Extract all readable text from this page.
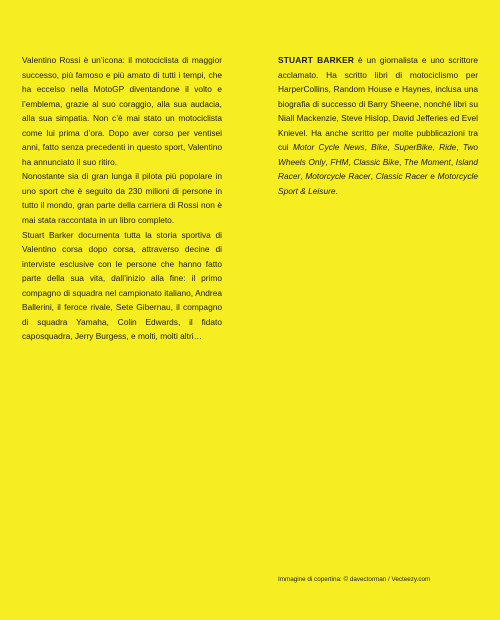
Valentino Rossi è un’icona: il motociclista di maggior successo, più famoso e più amato di tutti i tempi, che ha eccelso nella MotoGP diventandone il volto e l’emblema, grazie al suo coraggio, alla sua audacia, alla sua simpatia. Non c’è mai stato un motociclista come lui prima d’ora. Dopo aver corso per ventisei anni, fatto senza precedenti in questo sport, Valentino ha annunciato il suo ritiro.

Nonostante sia di gran lunga il pilota più popolare in uno sport che è seguito da 230 milioni di persone in tutto il mondo, gran parte della carriera di Rossi non è mai stata raccontata in un libro completo.

Stuart Barker documenta tutta la storia sportiva di Valentino corsa dopo corsa, attraverso decine di interviste esclusive con le persone che hanno fatto parte della sua vita, dall’inizio alla fine: il primo compagno di squadra nel campionato italiano, Andrea Ballerini, il feroce rivale, Sete Gibernau, il compagno di squadra Yamaha, Colin Edwards, il fidato caposquadra, Jerry Burgess, e molti, molti altri…

STUART BARKER è un giornalista e uno scrittore acclamato. Ha scritto libri di motociclismo per HarperCollins, Random House e Haynes, inclusa una biografia di successo di Barry Sheene, nonché libri su Niall Mackenzie, Steve Hislop, David Jefferies ed Evel Knievel. Ha anche scritto per molte pubblicazioni tra cui Motor Cycle News, Bike, SuperBike, Ride, Two Wheels Only, FHM, Classic Bike, The Moment, Island Racer, Motorcycle Racer, Classic Racer e Motorcycle Sport & Leisure.

Immagine di copertina: © davectorman / Vecteezy.com
